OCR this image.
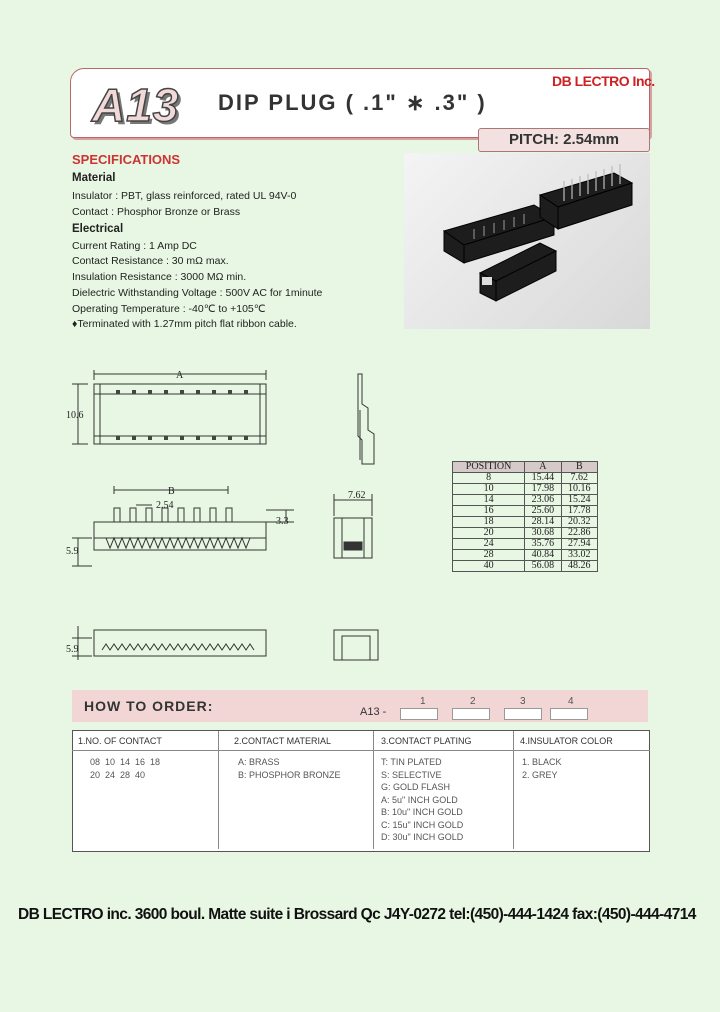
A13 DIP PLUG ( .1" ∗ .3" )
DB LECTRO Inc.
PITCH: 2.54mm
SPECIFICATIONS
Material
Insulator : PBT, glass reinforced, rated UL 94V-0
Contact : Phosphor Bronze or Brass
Electrical
Current Rating : 1 Amp DC
Contact Resistance : 30 mΩ max.
Insulation Resistance : 3000 MΩ min.
Dielectric Withstanding Voltage : 500V AC for 1minute
Operating Temperature : -40℃ to +105℃
♦Terminated with 1.27mm pitch flat ribbon cable.
A
10.6
B
2.54
3.3
5.9
7.62
5.9
POSITION	A	B
8	15.44	7.62
10	17.98	10.16
14	23.06	15.24
16	25.60	17.78
18	28.14	20.32
20	30.68	22.86
24	35.76	27.94
28	40.84	33.02
40	56.08	48.26
HOW TO ORDER:	A13 -
1	2	3	4
1.NO. OF CONTACT	2.CONTACT MATERIAL	3.CONTACT PLATING	4.INSULATOR COLOR
08  10  14  16  18
20  24  28  40
A: BRASS
B: PHOSPHOR BRONZE
T: TIN PLATED
S: SELECTIVE
G: GOLD FLASH
A: 5u" INCH GOLD
B: 10u" INCH GOLD
C: 15u" INCH GOLD
D: 30u" INCH GOLD
1. BLACK
2. GREY
DB LECTRO inc. 3600 boul. Matte suite i Brossard Qc J4Y-0272 tel:(450)-444-1424 fax:(450)-444-4714
